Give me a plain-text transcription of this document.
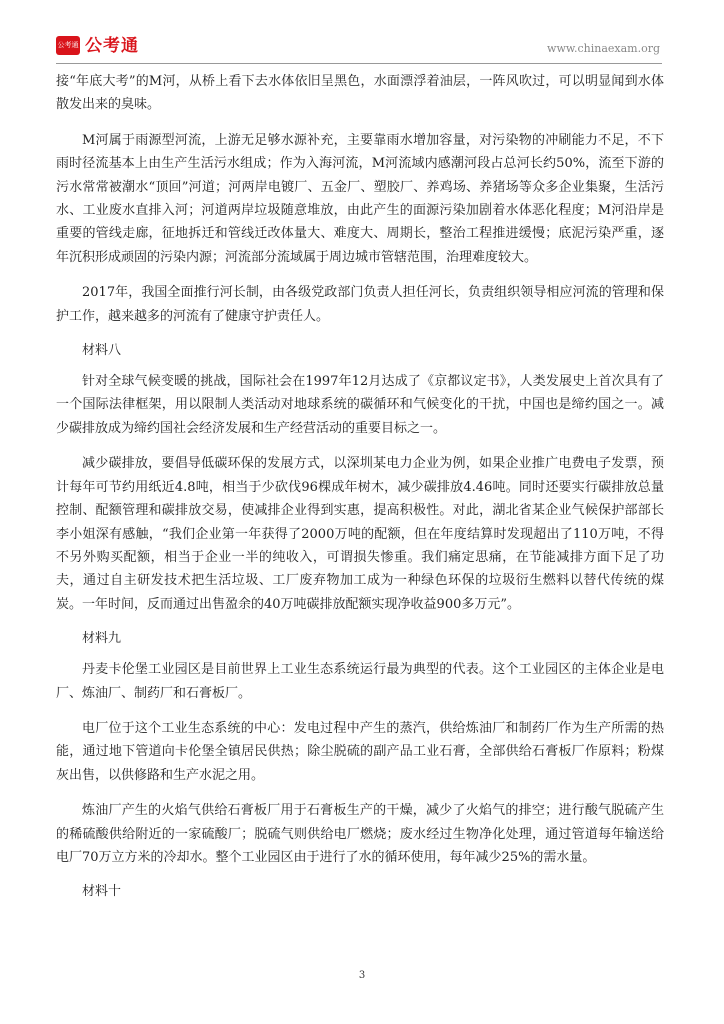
公考通 公考通	www.chinaexam.org

接“年底大考”的M河，从桥上看下去水体依旧呈黑色，水面漂浮着油层，一阵风吹过，可以明显闻到水体散发出来的臭味。

M河属于雨源型河流，上游无足够水源补充，主要靠雨水增加容量，对污染物的冲刷能力不足，不下雨时径流基本上由生产生活污水组成；作为入海河流，M河流域内感潮河段占总河长约50%，流至下游的污水常常被潮水“顶回”河道；河两岸电镀厂、五金厂、塑胶厂、养鸡场、养猪场等众多企业集聚，生活污水、工业废水直排入河；河道两岸垃圾随意堆放，由此产生的面源污染加剧着水体恶化程度；M河沿岸是重要的管线走廊，征地拆迁和管线迁改体量大、难度大、周期长，整治工程推进缓慢；底泥污染严重，逐年沉积形成顽固的污染内源；河流部分流域属于周边城市管辖范围，治理难度较大。

2017年，我国全面推行河长制，由各级党政部门负责人担任河长，负责组织领导相应河流的管理和保护工作，越来越多的河流有了健康守护责任人。

材料八

针对全球气候变暖的挑战，国际社会在1997年12月达成了《京都议定书》，人类发展史上首次具有了一个国际法律框架，用以限制人类活动对地球系统的碳循环和气候变化的干扰，中国也是缔约国之一。减少碳排放成为缔约国社会经济发展和生产经营活动的重要目标之一。

减少碳排放，要倡导低碳环保的发展方式，以深圳某电力企业为例，如果企业推广电费电子发票，预计每年可节约用纸近4.8吨，相当于少砍伐96棵成年树木，减少碳排放4.46吨。同时还要实行碳排放总量控制、配额管理和碳排放交易，使减排企业得到实惠，提高积极性。对此，湖北省某企业气候保护部部长李小姐深有感触，“我们企业第一年获得了2000万吨的配额，但在年度结算时发现超出了110万吨，不得不另外购买配额，相当于企业一半的纯收入，可谓损失惨重。我们痛定思痛，在节能减排方面下足了功夫，通过自主研发技术把生活垃圾、工厂废弃物加工成为一种绿色环保的垃圾衍生燃料以替代传统的煤炭。一年时间，反而通过出售盈余的40万吨碳排放配额实现净收益900多万元”。

材料九

丹麦卡伦堡工业园区是目前世界上工业生态系统运行最为典型的代表。这个工业园区的主体企业是电厂、炼油厂、制药厂和石膏板厂。

电厂位于这个工业生态系统的中心：发电过程中产生的蒸汽，供给炼油厂和制药厂作为生产所需的热能，通过地下管道向卡伦堡全镇居民供热；除尘脱硫的副产品工业石膏，全部供给石膏板厂作原料；粉煤灰出售，以供修路和生产水泥之用。

炼油厂产生的火焰气供给石膏板厂用于石膏板生产的干燥，减少了火焰气的排空；进行酸气脱硫产生的稀硫酸供给附近的一家硫酸厂；脱硫气则供给电厂燃烧；废水经过生物净化处理，通过管道每年输送给电厂70万立方米的冷却水。整个工业园区由于进行了水的循环使用，每年减少25%的需水量。

材料十

3
